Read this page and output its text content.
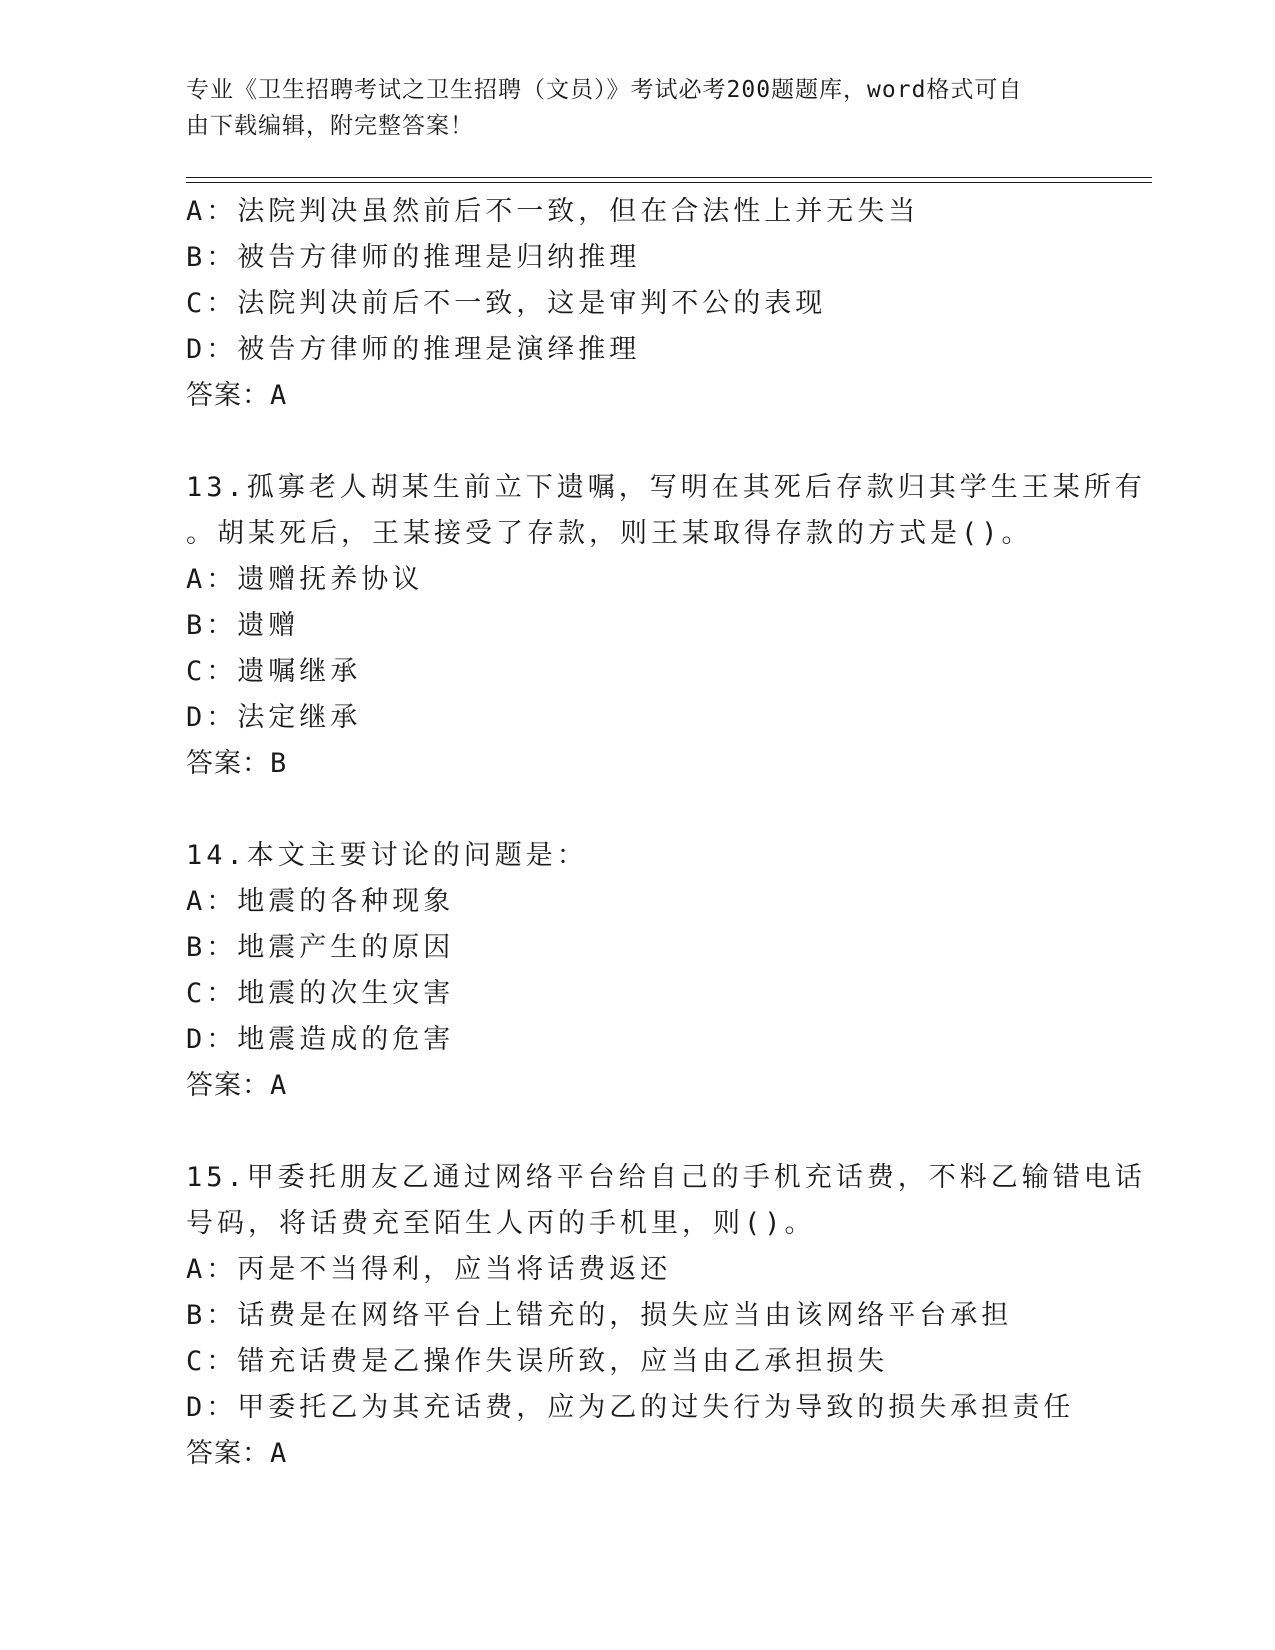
专业《卫生招聘考试之卫生招聘（文员）》考试必考200题题库，word格式可自
由下载编辑，附完整答案！
A：法院判决虽然前后不一致，但在合法性上并无失当
B：被告方律师的推理是归纳推理
C：法院判决前后不一致，这是审判不公的表现
D：被告方律师的推理是演绎推理
答案：A
13.孤寡老人胡某生前立下遗嘱，写明在其死后存款归其学生王某所有
。胡某死后，王某接受了存款，则王某取得存款的方式是()。
A：遗赠抚养协议
B：遗赠
C：遗嘱继承
D：法定继承
答案：B
14.本文主要讨论的问题是：
A：地震的各种现象
B：地震产生的原因
C：地震的次生灾害
D：地震造成的危害
答案：A
15.甲委托朋友乙通过网络平台给自己的手机充话费，不料乙输错电话
号码，将话费充至陌生人丙的手机里，则()。
A：丙是不当得利，应当将话费返还
B：话费是在网络平台上错充的，损失应当由该网络平台承担
C：错充话费是乙操作失误所致，应当由乙承担损失
D：甲委托乙为其充话费，应为乙的过失行为导致的损失承担责任
答案：A
